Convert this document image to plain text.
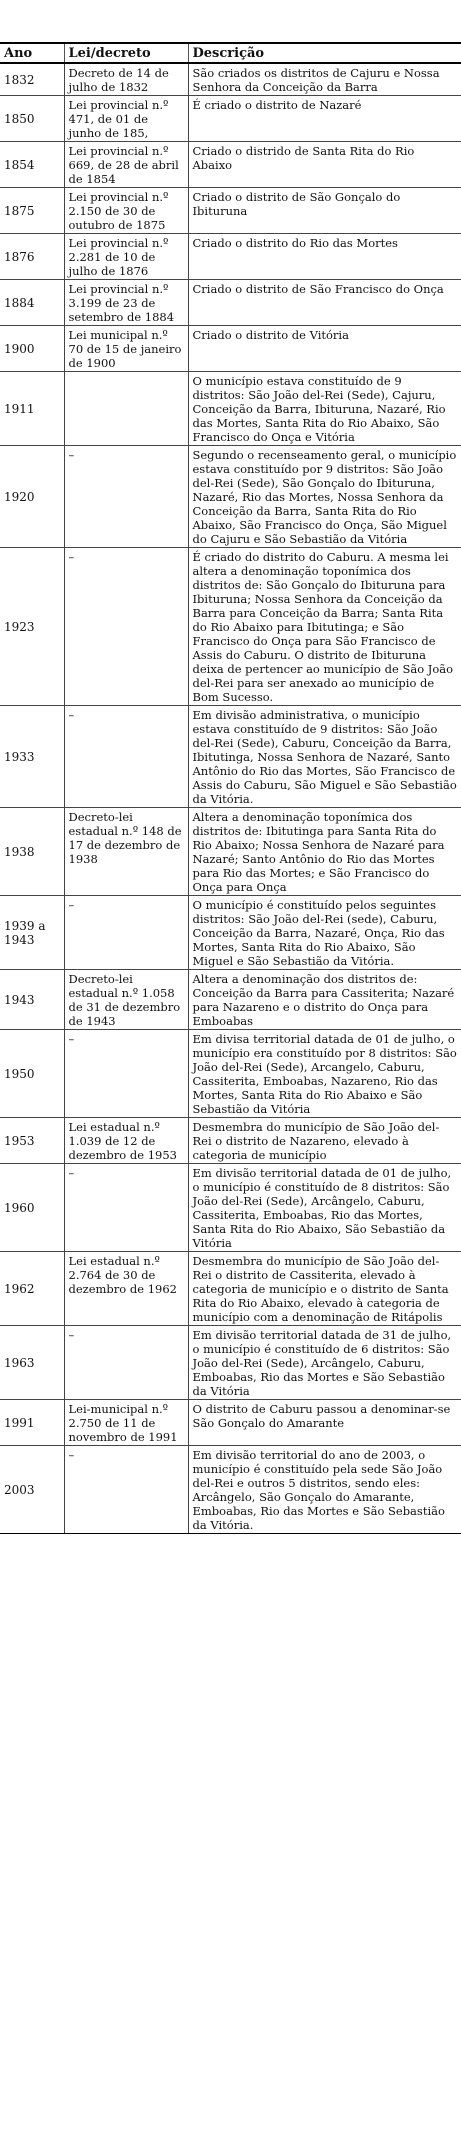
Ano	Lei/decreto	Descrição
1832	Decreto de 14 de julho de 1832	São criados os distritos de Cajuru e Nossa Senhora da Conceição da Barra
1850	Lei provincial n.º 471, de 01 de junho de 185,	É criado o distrito de Nazaré
1854	Lei provincial n.º 669, de 28 de abril de 1854	Criado o distrido de Santa Rita do Rio Abaixo
1875	Lei provincial n.º 2.150 de 30 de outubro de 1875	Criado o distrito de São Gonçalo do Ibituruna
1876	Lei provincial n.º 2.281 de 10 de julho de 1876	Criado o distrito do Rio das Mortes
1884	Lei provincial n.º 3.199 de 23 de setembro de 1884	Criado o distrito de São Francisco do Onça
1900	Lei municipal n.º 70 de 15 de janeiro de 1900	Criado o distrito de Vitória
1911		O município estava constituído de 9 distritos: São João del-Rei (Sede), Cajuru, Conceição da Barra, Ibituruna, Nazaré, Rio das Mortes, Santa Rita do Rio Abaixo, São Francisco do Onça e Vitória
1920	–	Segundo o recenseamento geral, o município estava constituído por 9 distritos: São João del-Rei (Sede), São Gonçalo do Ibituruna, Nazaré, Rio das Mortes, Nossa Senhora da Conceição da Barra, Santa Rita do Rio Abaixo, São Francisco do Onça, São Miguel do Cajuru e São Sebastião da Vitória
1923	–	É criado do distrito do Caburu. A mesma lei altera a denominação toponímica dos distritos de: São Gonçalo do Ibituruna para Ibituruna; Nossa Senhora da Conceição da Barra para Conceição da Barra; Santa Rita do Rio Abaixo para Ibitutinga; e São Francisco do Onça para São Francisco de Assis do Caburu. O distrito de Ibituruna deixa de pertencer ao município de São João del-Rei para ser anexado ao município de Bom Sucesso.
1933	–	Em divisão administrativa, o município estava constituído de 9 distritos: São João del-Rei (Sede), Caburu, Conceição da Barra, Ibitutinga, Nossa Senhora de Nazaré, Santo Antônio do Rio das Mortes, São Francisco de Assis do Caburu, São Miguel e São Sebastião da Vitória.
1938	Decreto-lei estadual n.º 148 de 17 de dezembro de 1938	Altera a denominação toponímica dos distritos de: Ibitutinga para Santa Rita do Rio Abaixo; Nossa Senhora de Nazaré para Nazaré; Santo Antônio do Rio das Mortes para Rio das Mortes; e São Francisco do Onça para Onça
1939 a 1943	–	O município é constituído pelos seguintes distritos: São João del-Rei (sede), Caburu, Conceição da Barra, Nazaré, Onça, Rio das Mortes, Santa Rita do Rio Abaixo, São Miguel e São Sebastião da Vitória.
1943	Decreto-lei estadual n.º 1.058 de 31 de dezembro de 1943	Altera a denominação dos distritos de: Conceição da Barra para Cassiterita; Nazaré para Nazareno e o distrito do Onça para Emboabas
1950	–	Em divisa territorial datada de 01 de julho, o município era constituído por 8 distritos: São João del-Rei (Sede), Arcangelo, Caburu, Cassiterita, Emboabas, Nazareno, Rio das Mortes, Santa Rita do Rio Abaixo e São Sebastião da Vitória
1953	Lei estadual n.º 1.039 de 12 de dezembro de 1953	Desmembra do município de São João del-Rei o distrito de Nazareno, elevado à categoria de município
1960	–	Em divisão territorial datada de 01 de julho, o município é constituído de 8 distritos: São João del-Rei (Sede), Arcângelo, Caburu, Cassiterita, Emboabas, Rio das Mortes, Santa Rita do Rio Abaixo, São Sebastião da Vitória
1962	Lei estadual n.º 2.764 de 30 de dezembro de 1962	Desmembra do município de São João del-Rei o distrito de Cassiterita, elevado à categoria de município e o distrito de Santa Rita do Rio Abaixo, elevado à categoria de município com a denominação de Ritápolis
1963	–	Em divisão territorial datada de 31 de julho, o município é constituído de 6 distritos: São João del-Rei (Sede), Arcângelo, Caburu, Emboabas, Rio das Mortes e São Sebastião da Vitória
1991	Lei-municipal n.º 2.750 de 11 de novembro de 1991	O distrito de Caburu passou a denominar-se São Gonçalo do Amarante
2003	–	Em divisão territorial do ano de 2003, o município é constituído pela sede São João del-Rei e outros 5 distritos, sendo eles: Arcângelo, São Gonçalo do Amarante, Emboabas, Rio das Mortes e São Sebastião da Vitória.
